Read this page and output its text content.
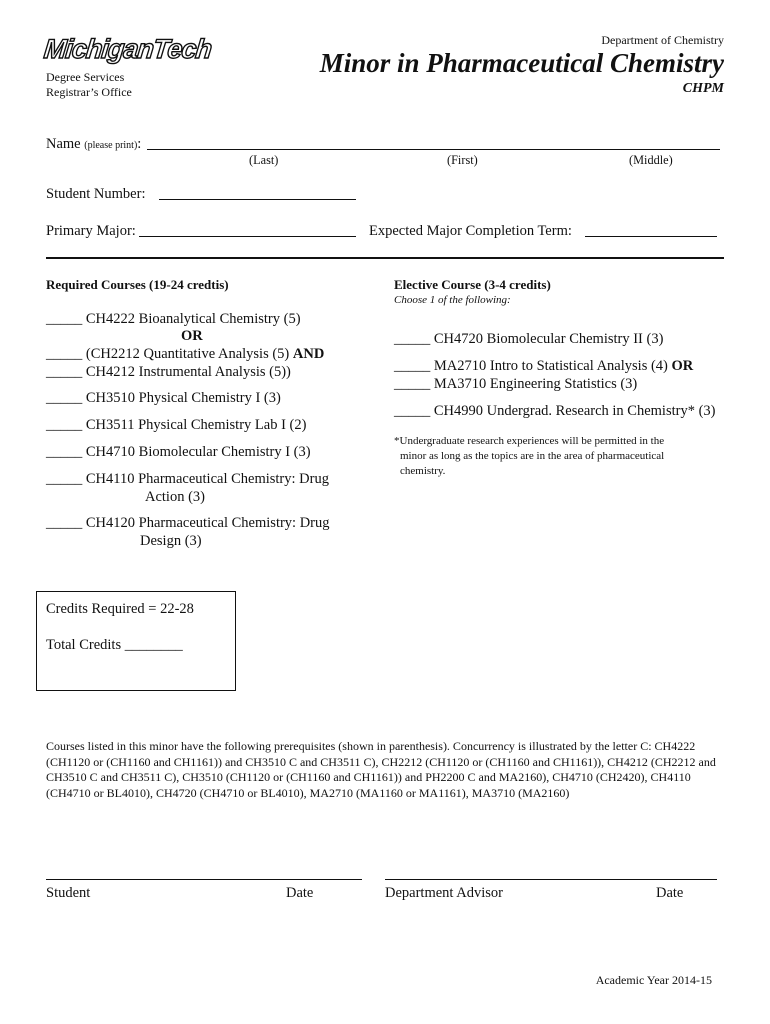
MichiganTech
Degree Services
Registrar’s Office
Department of Chemistry
Minor in Pharmaceutical Chemistry
CHPM
Name (please print):
(Last)	(First)	(Middle)
Student Number:
Primary Major:	Expected Major Completion Term:
Required Courses (19-24 credtis)
_____ CH4222 Bioanalytical Chemistry (5)
OR
_____ (CH2212 Quantitative Analysis (5) AND
_____ CH4212 Instrumental Analysis (5))
_____ CH3510 Physical Chemistry I (3)
_____ CH3511 Physical Chemistry Lab I (2)
_____ CH4710 Biomolecular Chemistry I (3)
_____ CH4110 Pharmaceutical Chemistry: Drug
Action (3)
_____ CH4120 Pharmaceutical Chemistry: Drug
Design (3)
Elective Course (3-4 credits)
Choose 1 of the following:
_____ CH4720 Biomolecular Chemistry II (3)
_____ MA2710 Intro to Statistical Analysis (4) OR
_____ MA3710 Engineering Statistics (3)
_____ CH4990 Undergrad. Research in Chemistry* (3)
*Undergraduate research experiences will be permitted in the
minor as long as the topics are in the area of pharmaceutical
chemistry.
Credits Required = 22-28
Total Credits ________
Courses listed in this minor have the following prerequisites (shown in parenthesis). Concurrency is illustrated by the letter C: CH4222 (CH1120 or (CH1160 and CH1161)) and CH3510 C and CH3511 C), CH2212 (CH1120 or (CH1160 and CH1161)), CH4212 (CH2212 and CH3510 C and CH3511 C), CH3510 (CH1120 or (CH1160 and CH1161)) and PH2200 C and MA2160), CH4710 (CH2420), CH4110 (CH4710 or BL4010), CH4720 (CH4710 or BL4010), MA2710 (MA1160 or MA1161), MA3710 (MA2160)
Student	Date	Department Advisor	Date
Academic Year 2014-15
